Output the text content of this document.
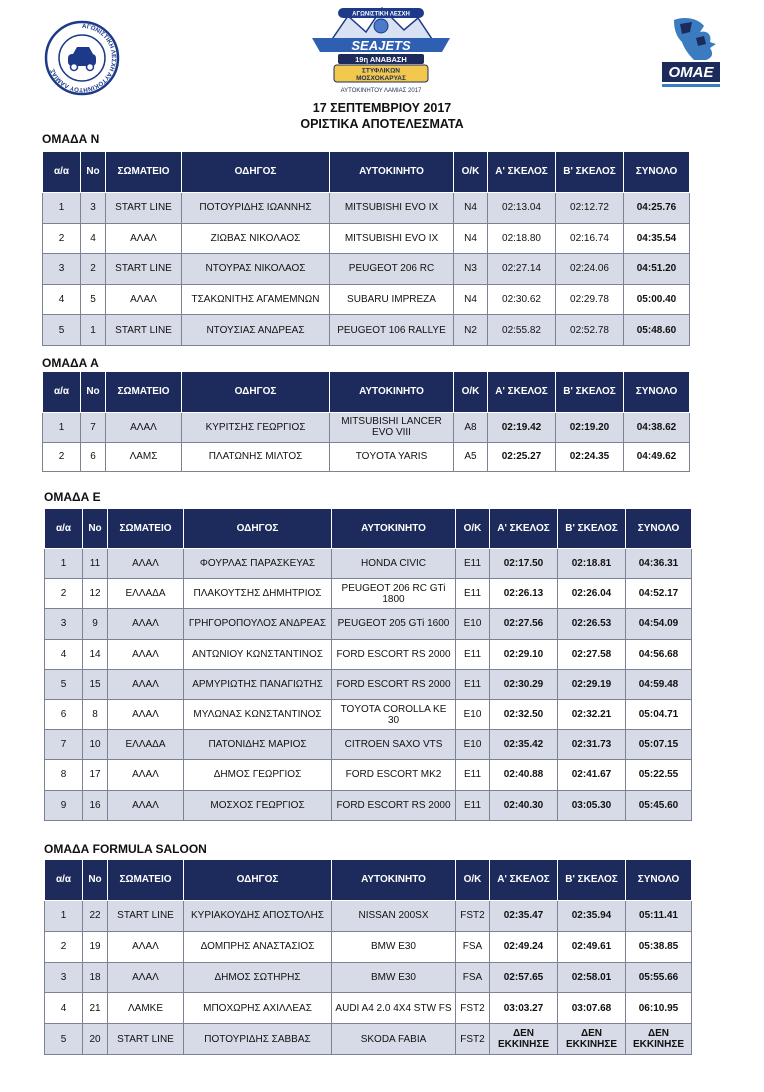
ΑΓΩΝΙΣΤΙΚΗ ΛΕΣΧΗ ΑΥΤΟΚΙΝΗΤΟΥ ΛΑΜΙΑΣ
ΑΓΩΝΙΣΤΙΚΗ ΛΕΣΧΗ
SEAJETS
19η ΑΝΑΒΑΣΗ
ΣΤΥΦΛΙΚΩΝ
ΜΟΣΧΟΚΑΡΥΑΣ
ΑΥΤΟΚΙΝΗΤΟΥ ΛΑΜΙΑΣ 2017
ΟΜΑΕ
17 ΣΕΠΤΕΜΒΡΙΟΥ 2017
ΟΡΙΣΤΙΚΑ ΑΠΟΤΕΛΕΣΜΑΤΑ
ΟΜΑΔΑ Ν
α/α	Νο	ΣΩΜΑΤΕΙΟ	ΟΔΗΓΟΣ	ΑΥΤΟΚΙΝΗΤΟ	Ο/Κ	Α' ΣΚΕΛΟΣ	Β' ΣΚΕΛΟΣ	ΣΥΝΟΛΟ
1	3	START LINE	ΠΟΤΟΥΡΙΔΗΣ ΙΩΑΝΝΗΣ	MITSUBISHI EVO IX	N4	02:13.04	02:12.72	04:25.76
2	4	ΑΛΑΛ	ΖΙΩΒΑΣ ΝΙΚΟΛΑΟΣ	MITSUBISHI EVO IX	N4	02:18.80	02:16.74	04:35.54
3	2	START LINE	ΝΤΟΥΡΑΣ ΝΙΚΟΛΑΟΣ	PEUGEOT 206 RC	N3	02:27.14	02:24.06	04:51.20
4	5	ΑΛΑΛ	ΤΣΑΚΩΝΙΤΗΣ ΑΓΑΜΕΜΝΩΝ	SUBARU IMPREZA	N4	02:30.62	02:29.78	05:00.40
5	1	START LINE	ΝΤΟΥΣΙΑΣ ΑΝΔΡΕΑΣ	PEUGEOT 106 RALLYE	N2	02:55.82	02:52.78	05:48.60
ΟΜΑΔΑ Α
α/α	Νο	ΣΩΜΑΤΕΙΟ	ΟΔΗΓΟΣ	ΑΥΤΟΚΙΝΗΤΟ	Ο/Κ	Α' ΣΚΕΛΟΣ	Β' ΣΚΕΛΟΣ	ΣΥΝΟΛΟ
1	7	ΑΛΑΛ	ΚΥΡΙΤΣΗΣ ΓΕΩΡΓΙΟΣ	MITSUBISHI LANCER EVO VIII	A8	02:19.42	02:19.20	04:38.62
2	6	ΛΑΜΣ	ΠΛΑΤΩΝΗΣ ΜΙΛΤΟΣ	TOYOTA YARIS	A5	02:25.27	02:24.35	04:49.62
ΟΜΑΔΑ Ε
α/α	Νο	ΣΩΜΑΤΕΙΟ	ΟΔΗΓΟΣ	ΑΥΤΟΚΙΝΗΤΟ	Ο/Κ	Α' ΣΚΕΛΟΣ	Β' ΣΚΕΛΟΣ	ΣΥΝΟΛΟ
1	11	ΑΛΑΛ	ΦΟΥΡΛΑΣ ΠΑΡΑΣΚΕΥΑΣ	HONDA CIVIC	E11	02:17.50	02:18.81	04:36.31
2	12	ΕΛΛΑΔΑ	ΠΛΑΚΟΥΤΣΗΣ ΔΗΜΗΤΡΙΟΣ	PEUGEOT 206 RC GTi 1800	E11	02:26.13	02:26.04	04:52.17
3	9	ΑΛΑΛ	ΓΡΗΓΟΡΟΠΟΥΛΟΣ ΑΝΔΡΕΑΣ	PEUGEOT 205 GTi 1600	E10	02:27.56	02:26.53	04:54.09
4	14	ΑΛΑΛ	ΑΝΤΩΝΙΟΥ ΚΩΝΣΤΑΝΤΙΝΟΣ	FORD ESCORT RS 2000	E11	02:29.10	02:27.58	04:56.68
5	15	ΑΛΑΛ	ΑΡΜΥΡΙΩΤΗΣ ΠΑΝΑΓΙΩΤΗΣ	FORD ESCORT RS 2000	E11	02:30.29	02:29.19	04:59.48
6	8	ΑΛΑΛ	ΜΥΛΩΝΑΣ ΚΩΝΣΤΑΝΤΙΝΟΣ	TOYOTA COROLLA KE 30	E10	02:32.50	02:32.21	05:04.71
7	10	ΕΛΛΑΔΑ	ΠΑΤΟΝΙΔΗΣ ΜΑΡΙΟΣ	CITROEN SAXO VTS	E10	02:35.42	02:31.73	05:07.15
8	17	ΑΛΑΛ	ΔΗΜΟΣ ΓΕΩΡΓΙΟΣ	FORD ESCORT MK2	E11	02:40.88	02:41.67	05:22.55
9	16	ΑΛΑΛ	ΜΟΣΧΟΣ ΓΕΩΡΓΙΟΣ	FORD ESCORT RS 2000	E11	02:40.30	03:05.30	05:45.60
ΟΜΑΔΑ FORMULA SALOON
α/α	Νο	ΣΩΜΑΤΕΙΟ	ΟΔΗΓΟΣ	ΑΥΤΟΚΙΝΗΤΟ	Ο/Κ	Α' ΣΚΕΛΟΣ	Β' ΣΚΕΛΟΣ	ΣΥΝΟΛΟ
1	22	START LINE	ΚΥΡΙΑΚΟΥΔΗΣ ΑΠΟΣΤΟΛΗΣ	NISSAN 200SX	FST2	02:35.47	02:35.94	05:11.41
2	19	ΑΛΑΛ	ΔΟΜΠΡΗΣ ΑΝΑΣΤΑΣΙΟΣ	BMW E30	FSA	02:49.24	02:49.61	05:38.85
3	18	ΑΛΑΛ	ΔΗΜΟΣ ΣΩΤΗΡΗΣ	BMW E30	FSA	02:57.65	02:58.01	05:55.66
4	21	ΛΑΜΚΕ	ΜΠΟΧΩΡΗΣ ΑΧΙΛΛΕΑΣ	AUDI A4 2.0 4X4 STW FS	FST2	03:03.27	03:07.68	06:10.95
5	20	START LINE	ΠΟΤΟΥΡΙΔΗΣ ΣΑΒΒΑΣ	SKODA FABIA	FST2	ΔΕΝ ΕΚΚΙΝΗΣΕ	ΔΕΝ ΕΚΚΙΝΗΣΕ	ΔΕΝ ΕΚΚΙΝΗΣΕ
